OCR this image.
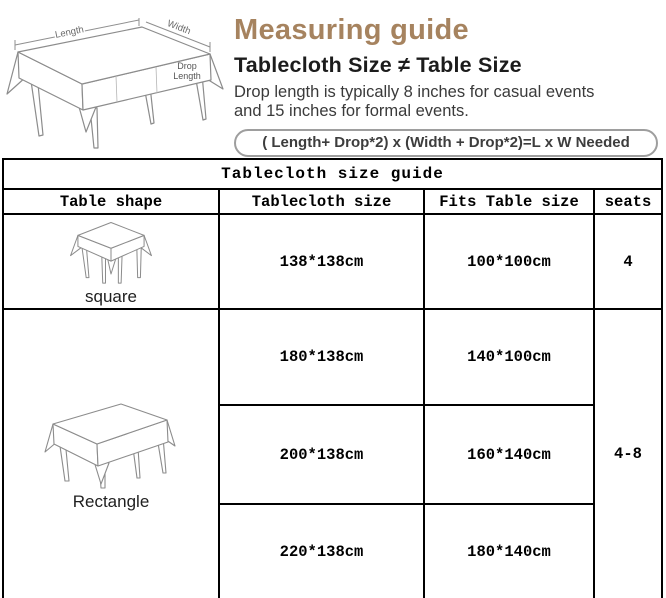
Length	Width
Drop
Length
Measuring guide
Tablecloth Size ≠ Table Size

Drop length is typically 8 inches for casual events
and 15 inches for formal events.

( Length+ Drop*2) x (Width + Drop*2)=L x W Needed
Tablecloth size guide			
Table shape	Tablecloth size	Fits Table size	seats

square	138*138cm	100*100cm	4

Rectangle	180*138cm	140*100cm	4-8
	200*138cm	160*140cm	
	220*138cm	180*140cm	
